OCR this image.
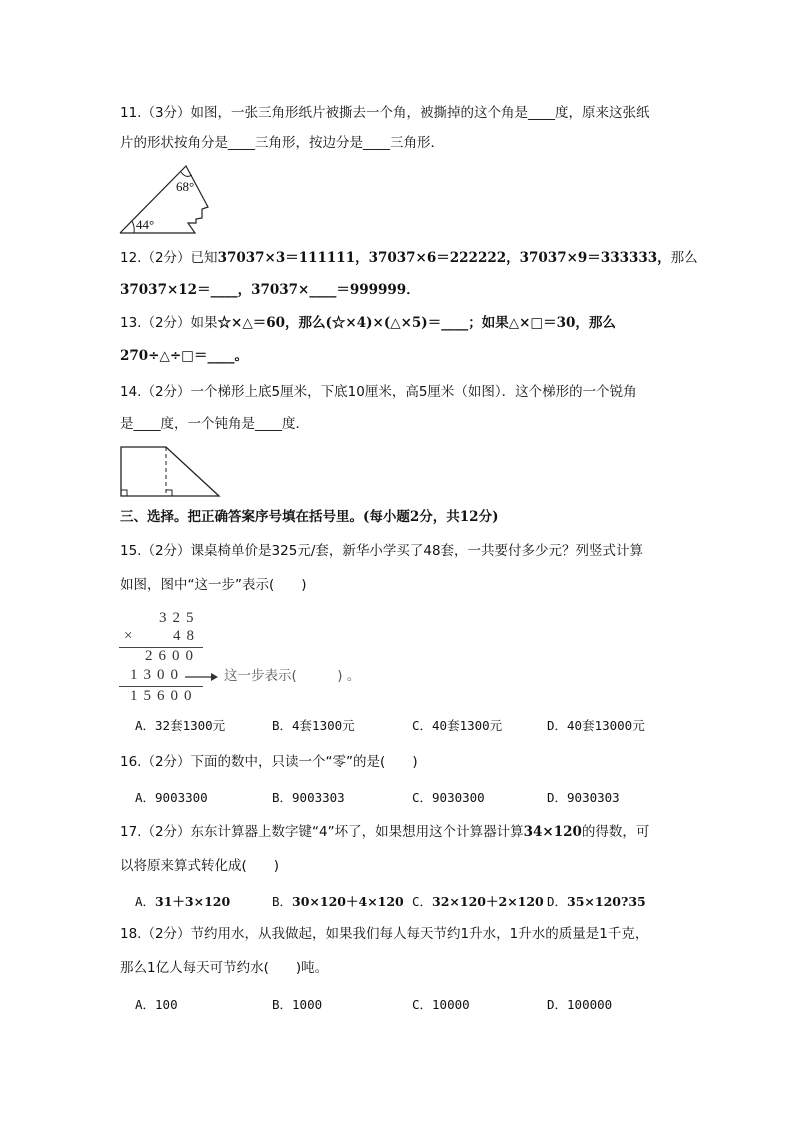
11.（3分）如图，一张三角形纸片被撕去一个角，被撕掉的这个角是____度，原来这张纸
片的形状按角分是____三角形，按边分是____三角形．
68°
44°
12.（2分）已知37037×3＝111111，37037×6＝222222，37037×9＝333333，那么
37037×12＝____，37037×____＝999999．
13.（2分）如果☆×△＝60，那么(☆×4)×(△×5)＝____；如果△×□＝30，那么
270÷△÷□＝____。
14.（2分）一个梯形上底5厘米，下底10厘米，高5厘米（如图）．这个梯形的一个锐角
是____度，一个钝角是____度．
三、选择。把正确答案序号填在括号里。(每小题2分，共12分)
15.（2分）课桌椅单价是325元/套，新华小学买了48套，一共要付多少元？列竖式计算
如图，图中“这一步”表示(　　)
325
× 48
2600
1300	这一步表示(　　　) 。
15600
A．32套1300元	B．4套1300元	C．40套1300元	D．40套13000元
16.（2分）下面的数中，只读一个“零”的是(　　)
A．9003300	B．9003303	C．9030300	D．9030303
17.（2分）东东计算器上数字键“4”坏了，如果想用这个计算器计算34×120的得数，可
以将原来算式转化成(　　)
A．31＋3×120	B．30×120＋4×120 C．32×120＋2×120 D．35×120?35
18.（2分）节约用水，从我做起，如果我们每人每天节约1升水，1升水的质量是1千克，
那么1亿人每天可节约水(　　)吨。
A．100	B．1000	C．10000	D．100000
